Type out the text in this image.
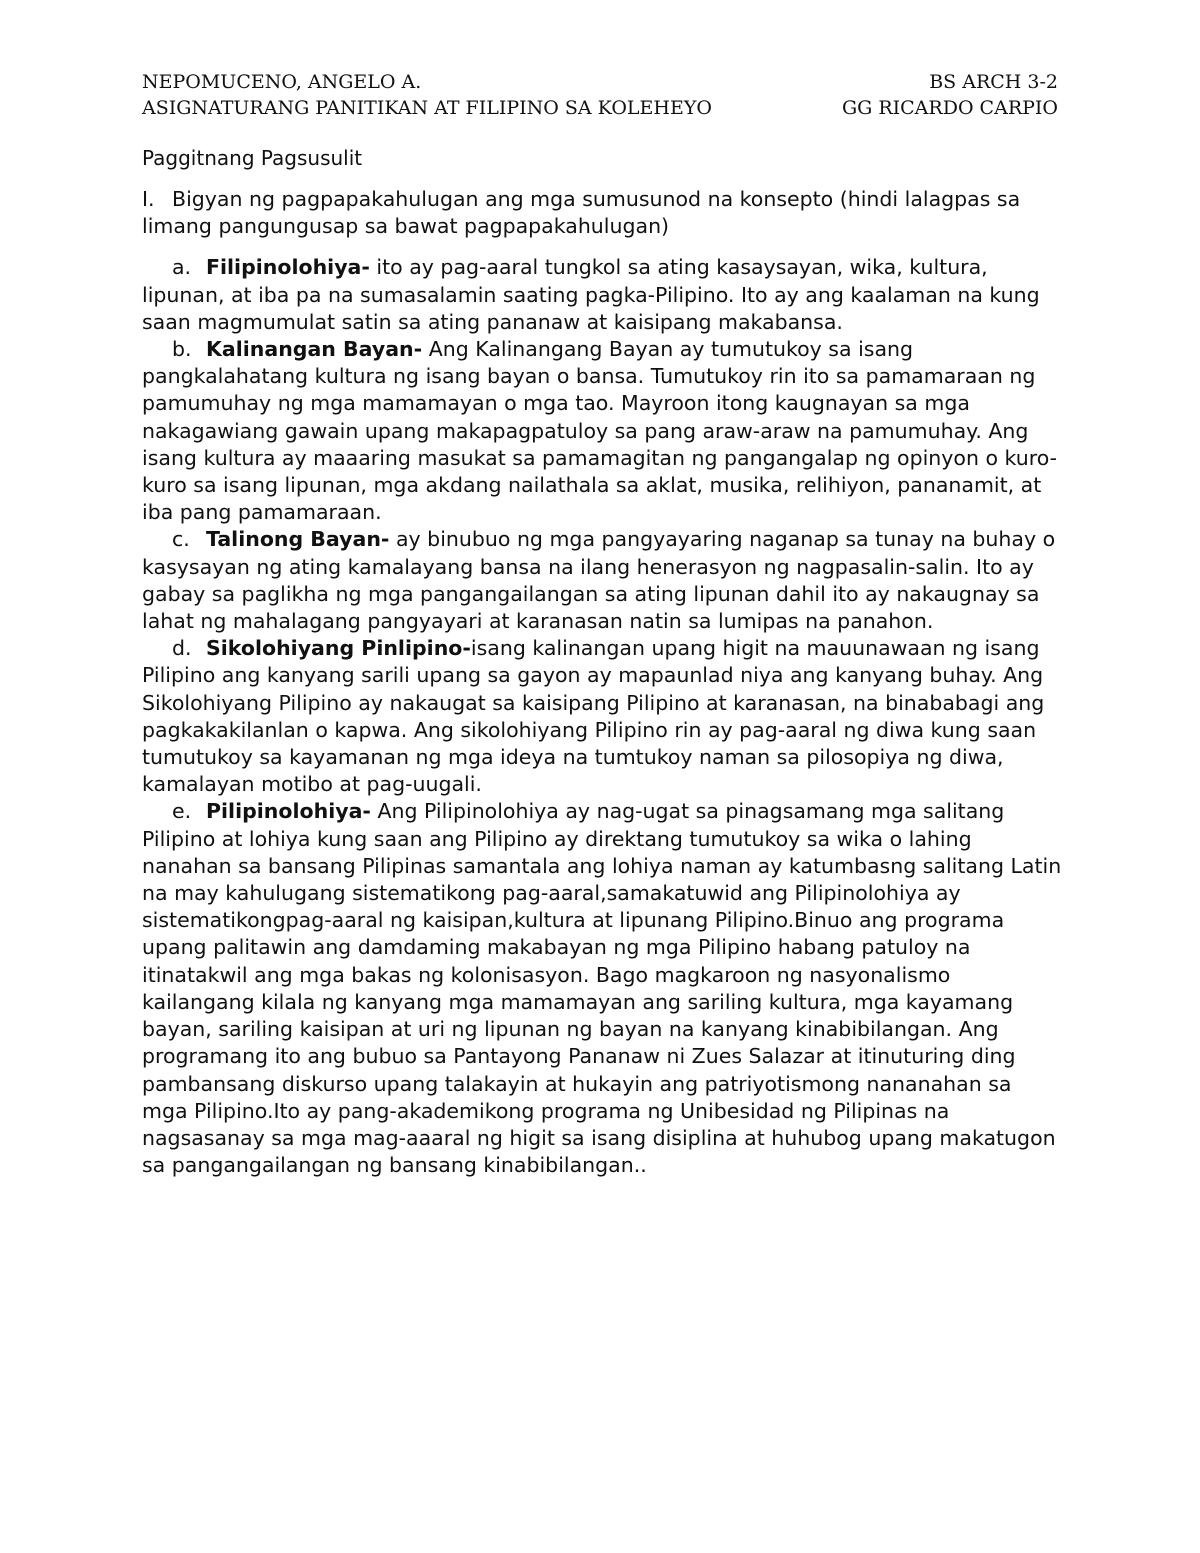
NEPOMUCENO, ANGELO A.	BS ARCH 3-2
ASIGNATURANG PANITIKAN AT FILIPINO SA KOLEHEYO	GG RICARDO CARPIO
Paggitnang Pagsusulit

I. Bigyan ng pagpapakahulugan ang mga sumusunod na konsepto (hindi lalagpas sa limang pangungusap sa bawat pagpapakahulugan)

a. Filipinolohiya- ito ay pag-aaral tungkol sa ating kasaysayan, wika, kultura, lipunan, at iba pa na sumasalamin saating pagka-Pilipino. Ito ay ang kaalaman na kung saan magmumulat satin sa ating pananaw at kaisipang makabansa.

b. Kalinangan Bayan- Ang Kalinangang Bayan ay tumutukoy sa isang pangkalahatang kultura ng isang bayan o bansa. Tumutukoy rin ito sa pamamaraan ng pamumuhay ng mga mamamayan o mga tao. Mayroon itong kaugnayan sa mga nakagawiang gawain upang makapagpatuloy sa pang araw-araw na pamumuhay. Ang isang kultura ay maaaring masukat sa pamamagitan ng pangangalap ng opinyon o kuro-kuro sa isang lipunan, mga akdang nailathala sa aklat, musika, relihiyon, pananamit, at iba pang pamamaraan.

c. Talinong Bayan- ay binubuo ng mga pangyayaring naganap sa tunay na buhay o kasysayan ng ating kamalayang bansa na ilang henerasyon ng nagpasalin-salin. Ito ay gabay sa paglikha ng mga pangangailangan sa ating lipunan dahil ito ay nakaugnay sa lahat ng mahalagang pangyayari at karanasan natin sa lumipas na panahon.

d. Sikolohiyang Pinlipino-isang kalinangan upang higit na mauunawaan ng isang Pilipino ang kanyang sarili upang sa gayon ay mapaunlad niya ang kanyang buhay. Ang Sikolohiyang Pilipino ay nakaugat sa kaisipang Pilipino at karanasan, na binababagi ang pagkakakilanlan o kapwa. Ang sikolohiyang Pilipino rin ay pag-aaral ng diwa kung saan tumutukoy sa kayamanan ng mga ideya na tumtukoy naman sa pilosopiya ng diwa, kamalayan motibo at pag-uugali.

e. Pilipinolohiya- Ang Pilipinolohiya ay nag-ugat sa pinagsamang mga salitang Pilipino at lohiya kung saan ang Pilipino ay direktang tumutukoy sa wika o lahing nanahan sa bansang Pilipinas samantala ang lohiya naman ay katumbasng salitang Latin na may kahulugang sistematikong pag-aaral,samakatuwid ang Pilipinolohiya ay sistematikongpag-aaral ng kaisipan,kultura at lipunang Pilipino.Binuo ang programa upang palitawin ang damdaming makabayan ng mga Pilipino habang patuloy na itinatakwil ang mga bakas ng kolonisasyon. Bago magkaroon ng nasyonalismo kailangang kilala ng kanyang mga mamamayan ang sariling kultura, mga kayamang bayan, sariling kaisipan at uri ng lipunan ng bayan na kanyang kinabibilangan. Ang programang ito ang bubuo sa Pantayong Pananaw ni Zues Salazar at itinuturing ding pambansang diskurso upang talakayin at hukayin ang patriyotismong nananahan sa mga Pilipino.Ito ay pang-akademikong programa ng Unibesidad ng Pilipinas na nagsasanay sa mga mag-aaaral ng higit sa isang disiplina at huhubog upang makatugon sa pangangailangan ng bansang kinabibilangan..
